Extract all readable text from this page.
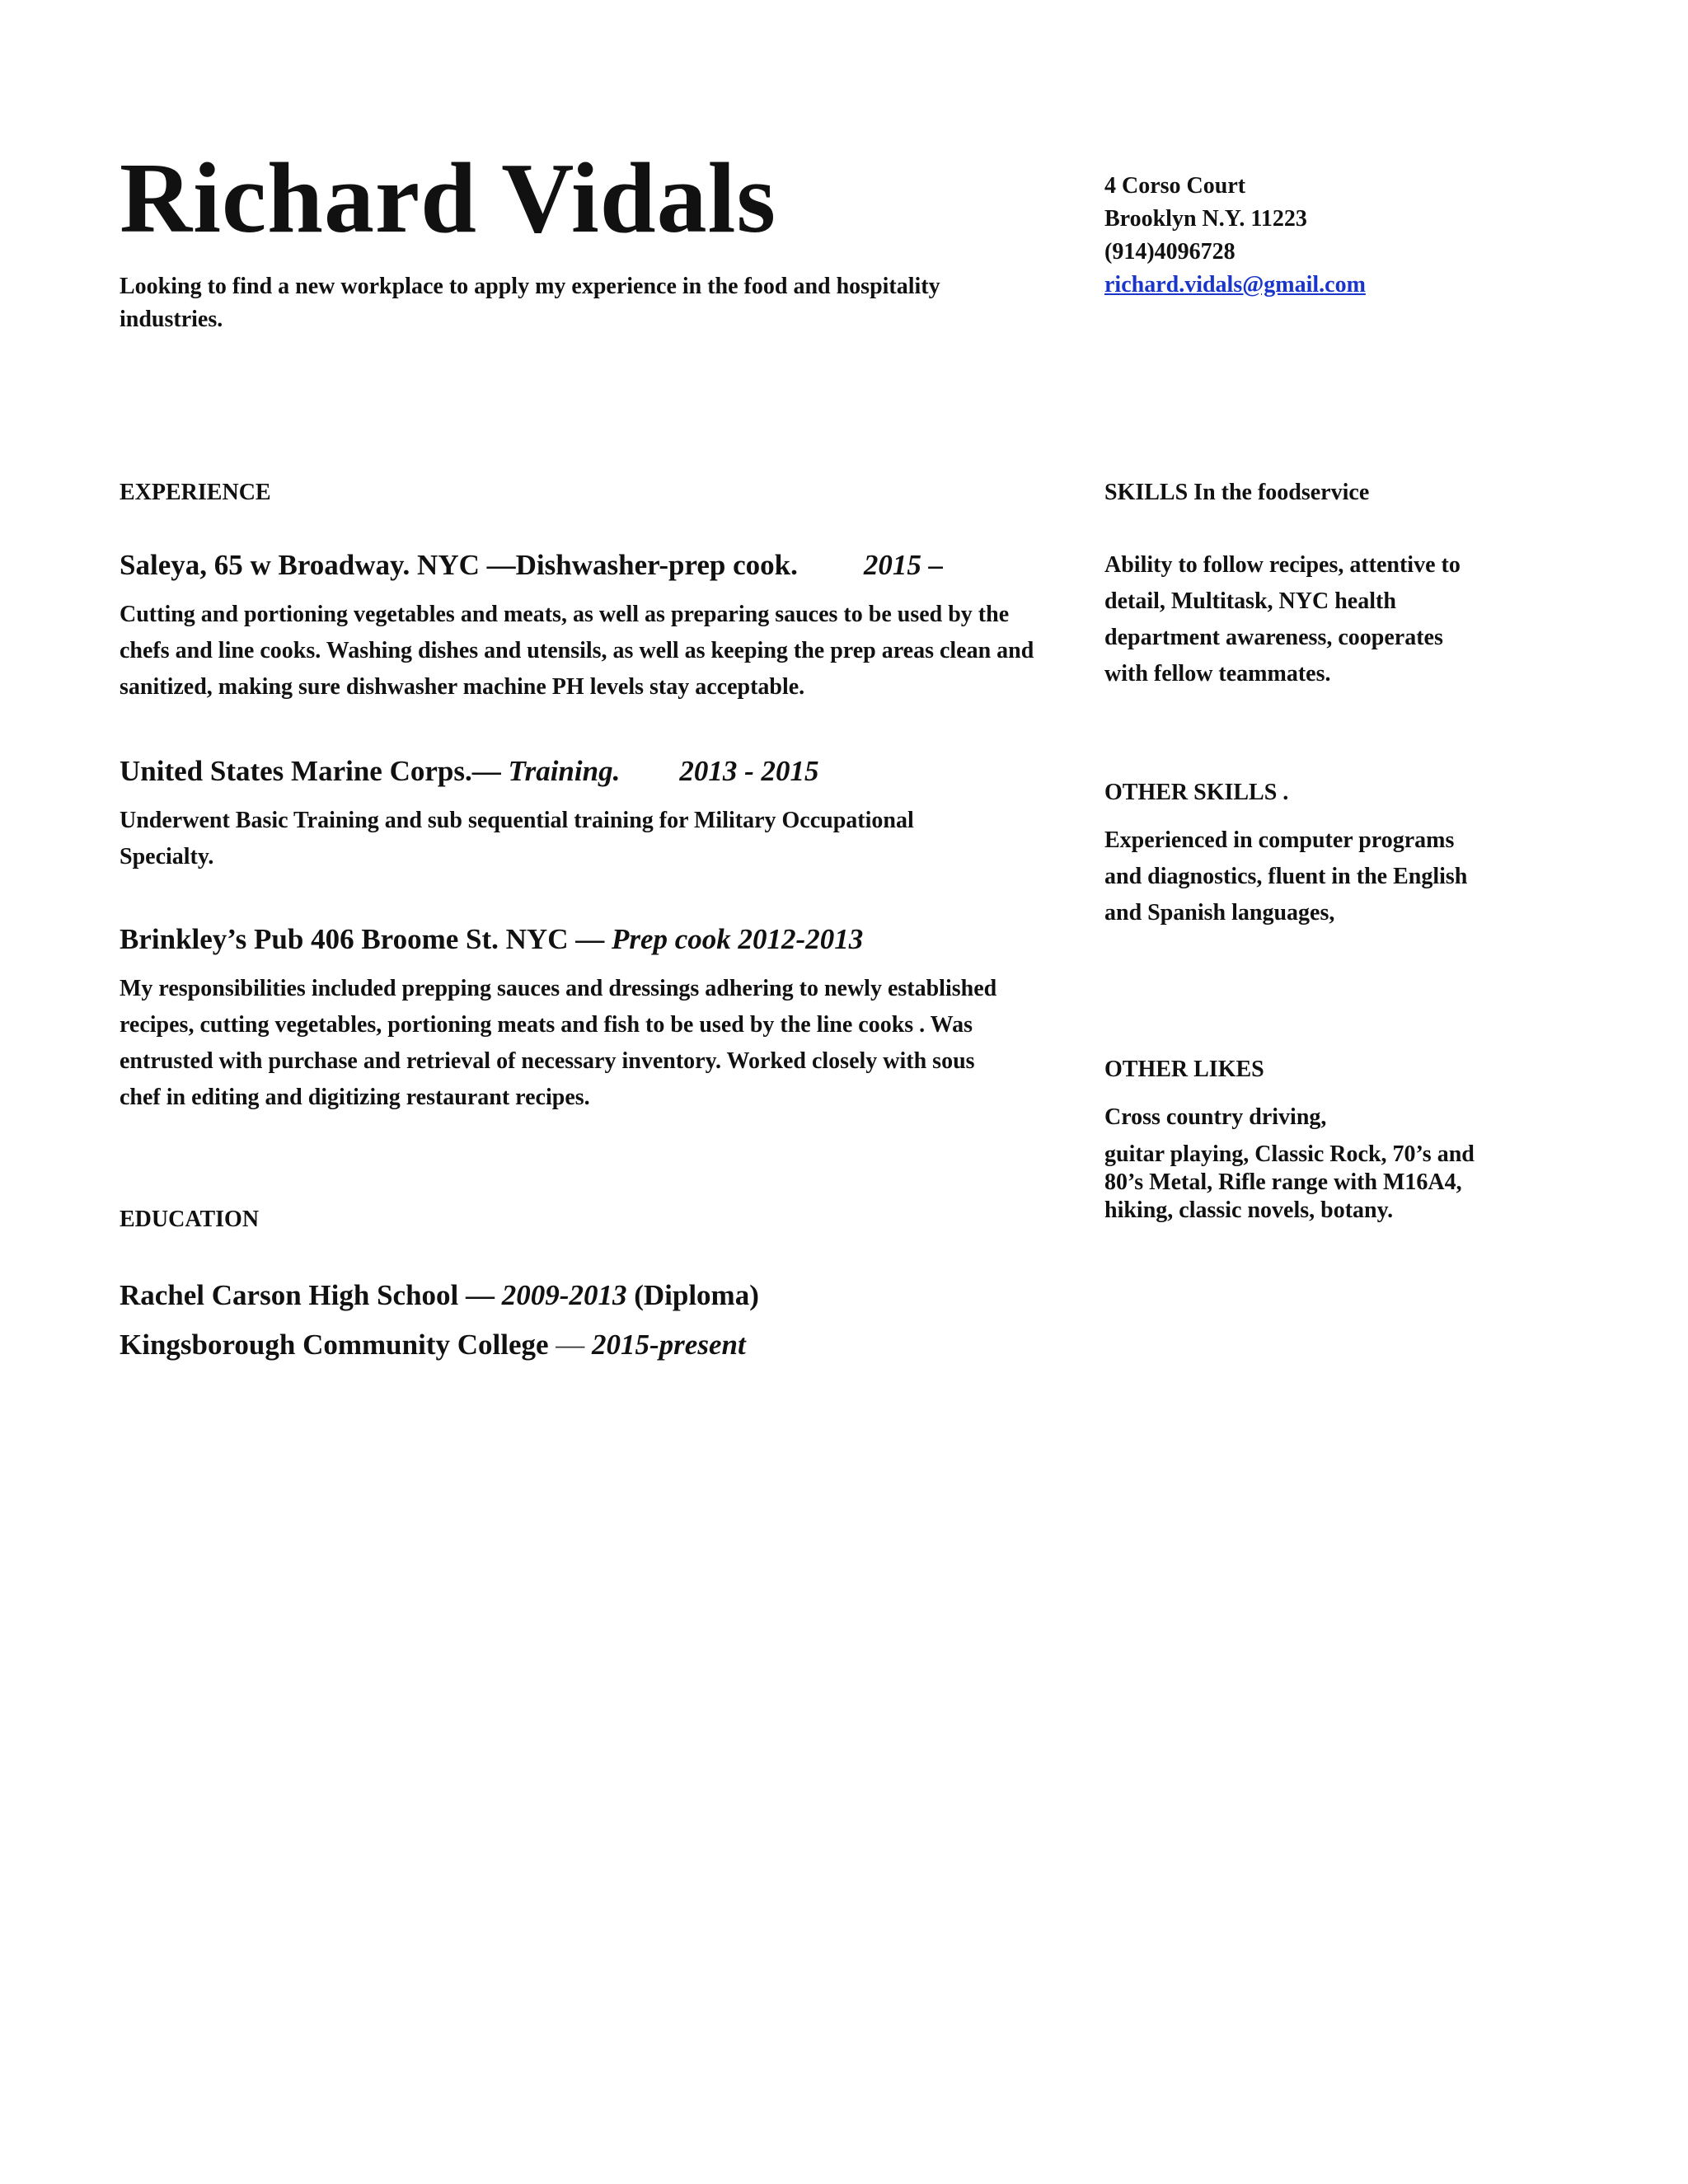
Richard Vidals
Looking to find a new workplace to apply my experience in the food and hospitality industries.
4 Corso Court
Brooklyn N.Y. 11223
(914)4096728
richard.vidals@gmail.com
EXPERIENCE
Saleya, 65 w Broadway. NYC —Dishwasher-prep cook. 2015 –
Cutting and portioning vegetables and meats, as well as preparing sauces to be used by the chefs and line cooks. Washing dishes and utensils, as well as keeping the prep areas clean and sanitized, making sure dishwasher machine PH levels stay acceptable.
United States Marine Corps.— Training. 2013 - 2015
Underwent Basic Training and sub sequential training for Military Occupational Specialty.
Brinkley’s Pub 406 Broome St. NYC — Prep cook 2012-2013
My responsibilities included prepping sauces and dressings adhering to newly established recipes, cutting vegetables, portioning meats and fish to be used by the line cooks . Was entrusted with purchase and retrieval of necessary inventory. Worked closely with sous chef in editing and digitizing restaurant recipes.
EDUCATION
Rachel Carson High School — 2009-2013 (Diploma)
Kingsborough Community College — 2015-present
SKILLS In the foodservice
Ability to follow recipes, attentive to detail, Multitask, NYC health department awareness, cooperates with fellow teammates.
OTHER SKILLS .
Experienced in computer programs and diagnostics, fluent in the English and Spanish languages,
OTHER LIKES
Cross country driving,
guitar playing, Classic Rock, 70’s and 80’s Metal, Rifle range with M16A4, hiking, classic novels, botany.
